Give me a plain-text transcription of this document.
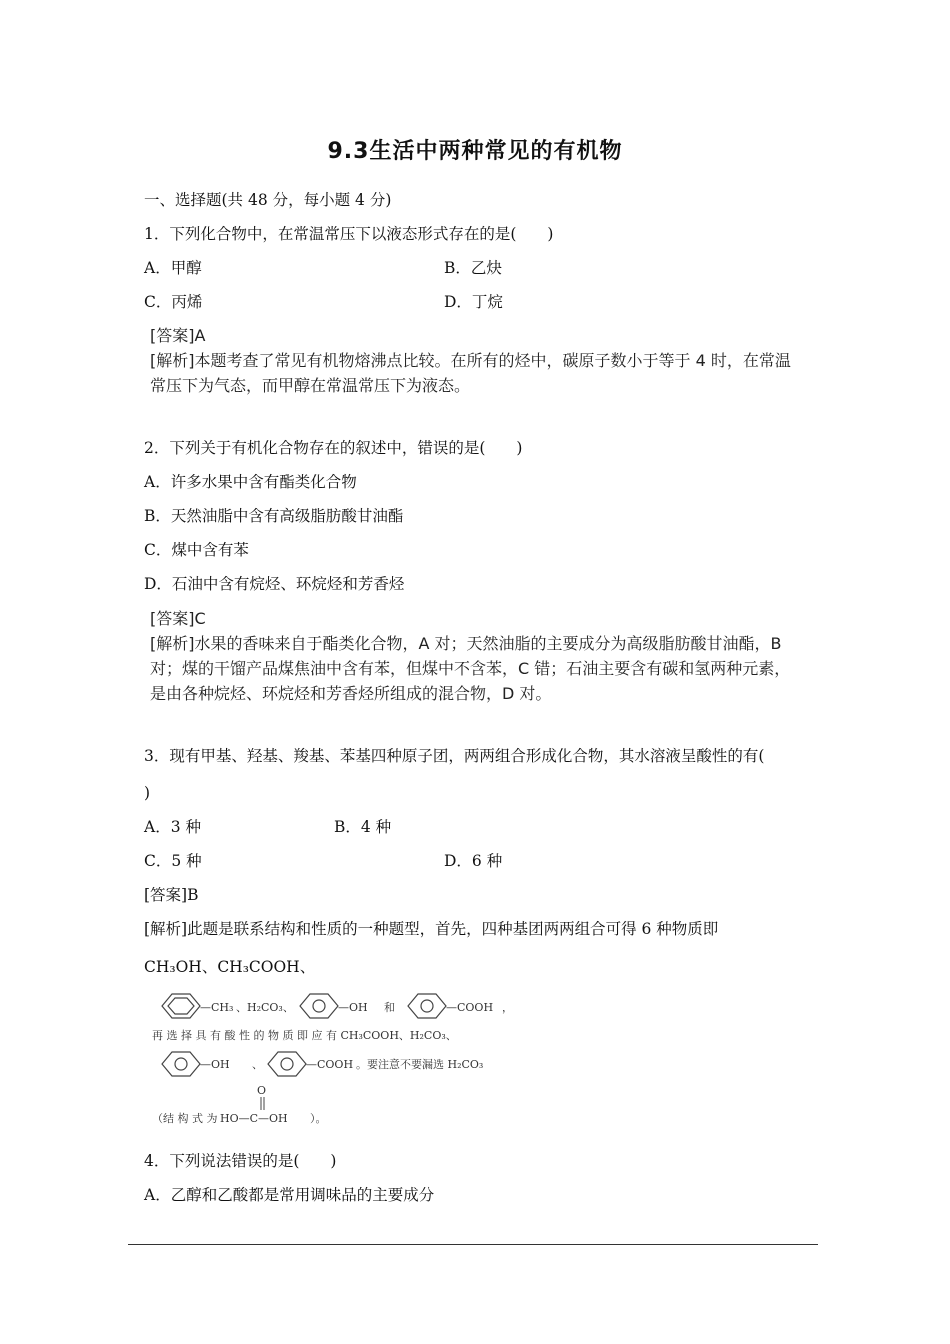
9.3生活中两种常见的有机物
一、选择题(共 48 分，每小题 4 分)
1．下列化合物中，在常温常压下以液态形式存在的是(　　)
A．甲醇	B．乙炔
C．丙烯	D．丁烷
[答案]A
[解析]本题考查了常见有机物熔沸点比较。在所有的烃中，碳原子数小于等于 4 时，在常温
常压下为气态，而甲醇在常温常压下为液态。
2．下列关于有机化合物存在的叙述中，错误的是(　　)
A．许多水果中含有酯类化合物
B．天然油脂中含有高级脂肪酸甘油酯
C．煤中含有苯
D．石油中含有烷烃、环烷烃和芳香烃
[答案]C
[解析]水果的香味来自于酯类化合物，A 对；天然油脂的主要成分为高级脂肪酸甘油酯，B
对；煤的干馏产品煤焦油中含有苯，但煤中不含苯，C 错；石油主要含有碳和氢两种元素，
是由各种烷烃、环烷烃和芳香烃所组成的混合物，D 对。
3．现有甲基、羟基、羧基、苯基四种原子团，两两组合形成化合物，其水溶液呈酸性的有(
)
A．3 种	B．4 种
C．5 种	D．6 种
[答案]B
[解析]此题是联系结构和性质的一种题型，首先，四种基团两两组合可得 6 种物质即
CH₃OH、CH₃COOH、
—CH₃ 、H₂CO₃、	—OH 和	—COOH ，
再 选 择 具 有 酸 性 的 物 质 即 应 有 CH₃COOH、H₂CO₃、
—OH 、	—COOH 。要注意不要漏选 H₂CO₃
O
（结 构 式 为 HO—C—OH ）。
4．下列说法错误的是(　　)
A．乙醇和乙酸都是常用调味品的主要成分
